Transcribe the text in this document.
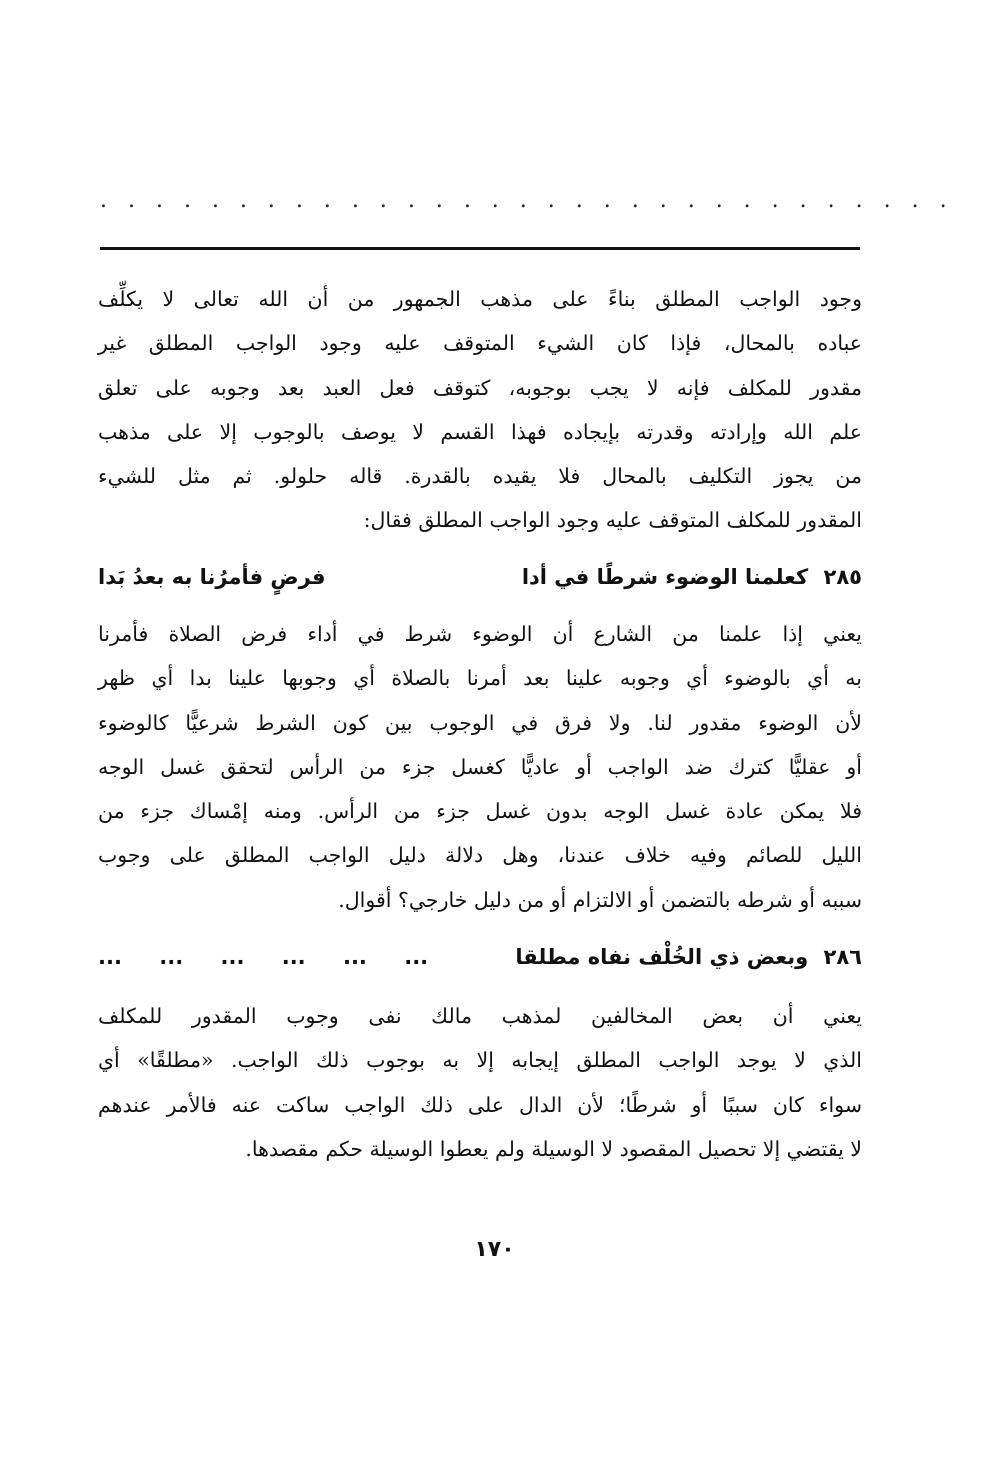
. . . . . . . . . . . . . . . . . . . . . . . . . . . . . . .
وجود الواجب المطلق بناءً على مذهب الجمهور من أن الله تعالى لا يكلِّف
عباده بالمحال، فإذا كان الشيء المتوقف عليه وجود الواجب المطلق غير
مقدور للمكلف فإنه لا يجب بوجوبه، كتوقف فعل العبد بعد وجوبه على تعلق
علم الله وإرادته وقدرته بإيجاده فهذا القسم لا يوصف بالوجوب إلا على مذهب
من يجوز التكليف بالمحال فلا يقيده بالقدرة. قاله حلولو. ثم مثل للشيء
المقدور للمكلف المتوقف عليه وجود الواجب المطلق فقال:
٢٨٥ كعلمنا الوضوء شرطًا في أدا
فرضٍ فأمرُنا به بعدُ بَدا
يعني إذا علمنا من الشارع أن الوضوء شرط في أداء فرض الصلاة فأمرنا
به أي بالوضوء أي وجوبه علينا بعد أمرنا بالصلاة أي وجوبها علينا بدا أي ظهر
لأن الوضوء مقدور لنا. ولا فرق في الوجوب بين كون الشرط شرعيًّا كالوضوء
أو عقليًّا كترك ضد الواجب أو عاديًّا كغسل جزء من الرأس لتحقق غسل الوجه
فلا يمكن عادة غسل الوجه بدون غسل جزء من الرأس. ومنه إمْساك جزء من
الليل للصائم وفيه خلاف عندنا، وهل دلالة دليل الواجب المطلق على وجوب
سببه أو شرطه بالتضمن أو الالتزام أو من دليل خارجي؟ أقوال.
٢٨٦ وبعض ذي الخُلْف نفاه مطلقا
... ... ... ... ... ...
يعني أن بعض المخالفين لمذهب مالك نفى وجوب المقدور للمكلف
الذي لا يوجد الواجب المطلق إيجابه إلا به بوجوب ذلك الواجب. «مطلقًا» أي
سواء كان سببًا أو شرطًا؛ لأن الدال على ذلك الواجب ساكت عنه فالأمر عندهم
لا يقتضي إلا تحصيل المقصود لا الوسيلة ولم يعطوا الوسيلة حكم مقصدها.
١٧٠
